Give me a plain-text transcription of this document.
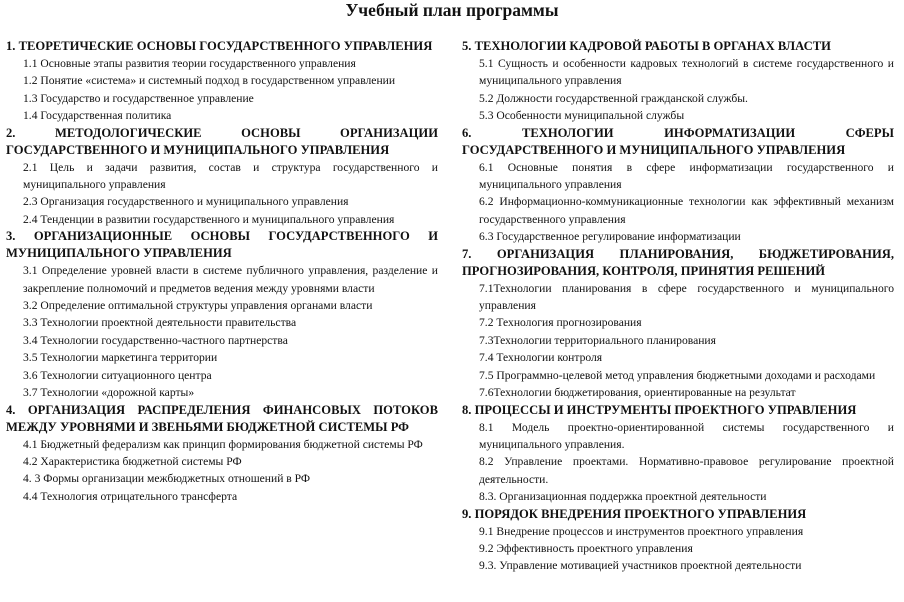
Учебный план программы

1. ТЕОРЕТИЧЕСКИЕ ОСНОВЫ ГОСУДАРСТВЕННОГО УПРАВЛЕНИЯ

1.1 Основные этапы развития теории государственного управления
1.2 Понятие «система» и системный подход в государственном управлении
1.3 Государство и государственное управление
1.4 Государственная политика

2. МЕТОДОЛОГИЧЕСКИЕ ОСНОВЫ ОРГАНИЗАЦИИ ГОСУДАРСТВЕННОГО И МУНИЦИПАЛЬНОГО УПРАВЛЕНИЯ

2.1 Цель и задачи развития, состав и структура государственного и муниципального управления
2.3 Организация государственного и муниципального управления
2.4 Тенденции в развитии государственного и муниципального управления

3. ОРГАНИЗАЦИОННЫЕ ОСНОВЫ ГОСУДАРСТВЕННОГО И МУНИЦИПАЛЬНОГО УПРАВЛЕНИЯ

3.1 Определение уровней власти в системе публичного управления, разделение и закрепление полномочий и предметов ведения между уровнями власти
3.2 Определение оптимальной структуры управления органами власти
3.3 Технологии проектной деятельности правительства
3.4 Технологии государственно-частного партнерства
3.5 Технологии маркетинга территории
3.6 Технологии ситуационного центра
3.7 Технологии «дорожной карты»

4. ОРГАНИЗАЦИЯ РАСПРЕДЕЛЕНИЯ ФИНАНСОВЫХ ПОТОКОВ МЕЖДУ УРОВНЯМИ И ЗВЕНЬЯМИ БЮДЖЕТНОЙ СИСТЕМЫ РФ

4.1 Бюджетный федерализм как принцип формирования бюджетной системы РФ
4.2 Характеристика бюджетной системы РФ
4. 3 Формы организации межбюджетных отношений в РФ
4.4 Технология отрицательного трансферта

5. ТЕХНОЛОГИИ КАДРОВОЙ РАБОТЫ В ОРГАНАХ ВЛАСТИ

5.1 Сущность и особенности кадровых технологий в системе государственного и муниципального управления
5.2 Должности государственной гражданской службы.
5.3 Особенности муниципальной службы

6. ТЕХНОЛОГИИ ИНФОРМАТИЗАЦИИ СФЕРЫ ГОСУДАРСТВЕННОГО И МУНИЦИПАЛЬНОГО УПРАВЛЕНИЯ

6.1 Основные понятия в сфере информатизации государственного и муниципального управления
6.2 Информационно-коммуникационные технологии как эффективный механизм государственного управления
6.3 Государственное регулирование информатизации

7. ОРГАНИЗАЦИЯ ПЛАНИРОВАНИЯ, БЮДЖЕТИРОВАНИЯ, ПРОГНОЗИРОВАНИЯ, КОНТРОЛЯ, ПРИНЯТИЯ РЕШЕНИЙ

7.1Технологии планирования в сфере государственного и муниципального управления
7.2 Технология прогнозирования
7.3Технологии территориального планирования
7.4 Технологии контроля
7.5 Программно-целевой метод управления бюджетными доходами и расходами
7.6Технологии бюджетирования, ориентированные на результат

8. ПРОЦЕССЫ И ИНСТРУМЕНТЫ ПРОЕКТНОГО УПРАВЛЕНИЯ

8.1 Модель проектно-ориентированной системы государственного и муниципального управления.
8.2 Управление проектами. Нормативно-правовое регулирование проектной деятельности.
8.3. Организационная поддержка проектной деятельности

9. ПОРЯДОК ВНЕДРЕНИЯ ПРОЕКТНОГО УПРАВЛЕНИЯ

9.1 Внедрение процессов и инструментов проектного управления
9.2 Эффективность проектного управления
9.3. Управление мотивацией участников проектной деятельности
